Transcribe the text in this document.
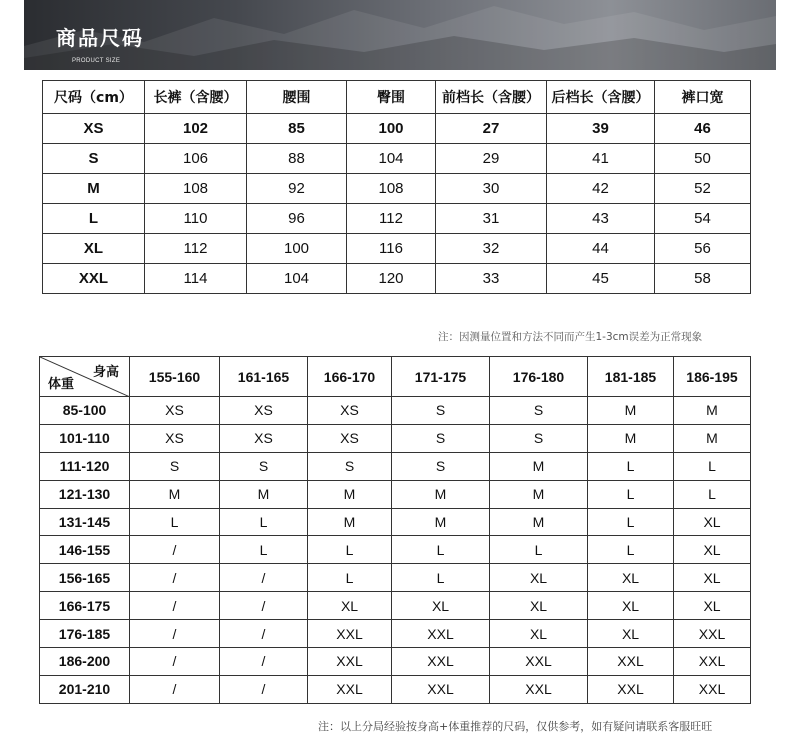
商品尺码
PRODUCT SIZE
尺码（cm）	长裤（含腰）	腰围	臀围	前档长（含腰）	后档长（含腰）	裤口宽
XS	102	85	100	27	39	46
S	106	88	104	29	41	50
M	108	92	108	30	42	52
L	110	96	112	31	43	54
XL	112	100	116	32	44	56
XXL	114	104	120	33	45	58
注：因测量位置和方法不同而产生1-3cm误差为正常现象
身高
体重	155-160	161-165	166-170	171-175	176-180	181-185	186-195
85-100	XS	XS	XS	S	S	M	M
101-110	XS	XS	XS	S	S	M	M
111-120	S	S	S	S	M	L	L
121-130	M	M	M	M	M	L	L
131-145	L	L	M	M	M	L	XL
146-155	/	L	L	L	L	L	XL
156-165	/	/	L	L	XL	XL	XL
166-175	/	/	XL	XL	XL	XL	XL
176-185	/	/	XXL	XXL	XL	XL	XXL
186-200	/	/	XXL	XXL	XXL	XXL	XXL
201-210	/	/	XXL	XXL	XXL	XXL	XXL
注：以上分局经验按身高+体重推荐的尺码，仅供参考，如有疑问请联系客服旺旺
